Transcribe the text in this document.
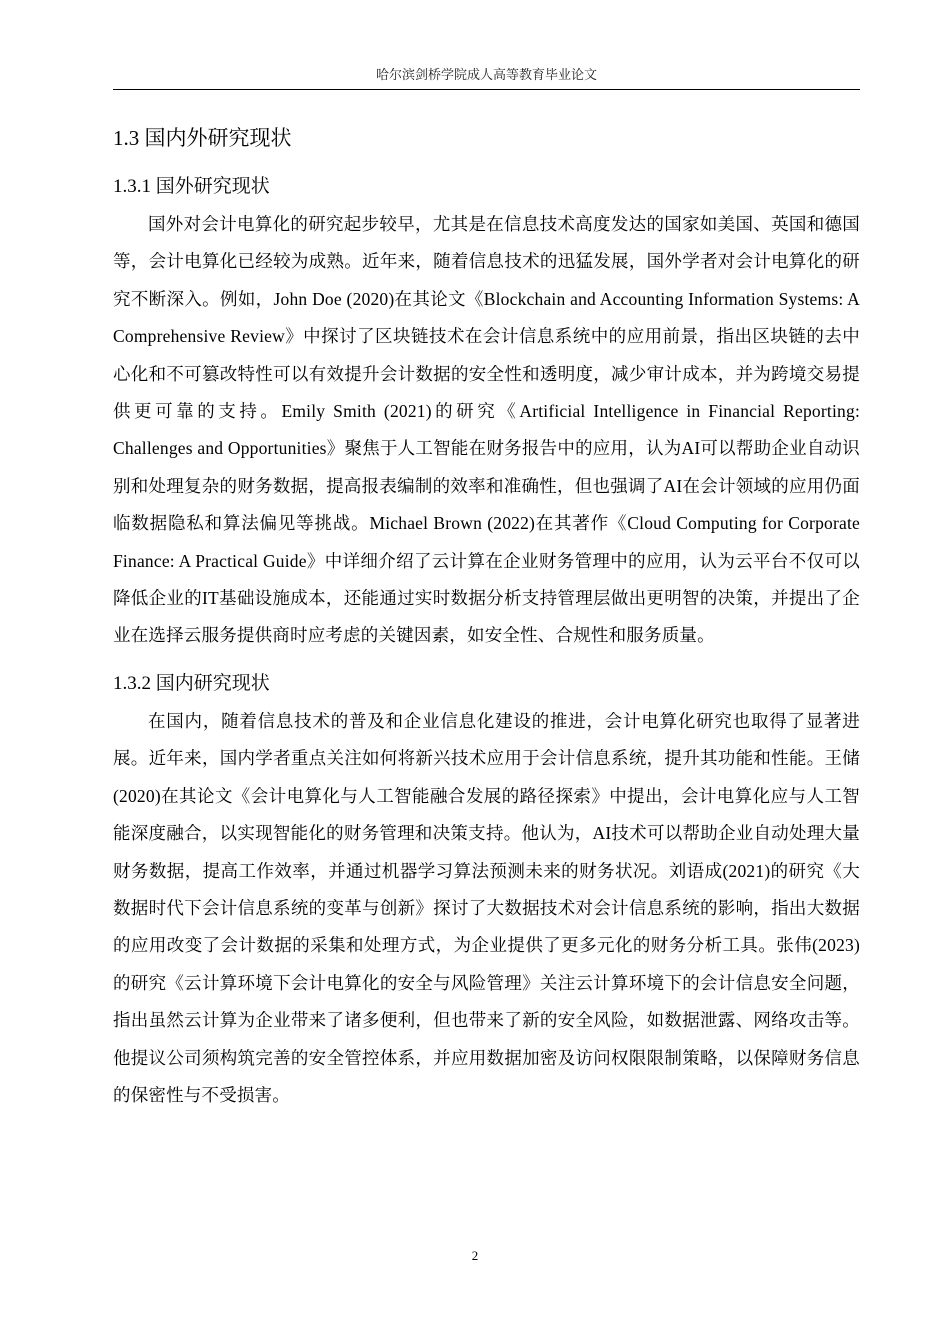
哈尔滨剑桥学院成人高等教育毕业论文
1.3 国内外研究现状
1.3.1 国外研究现状

国外对会计电算化的研究起步较早，尤其是在信息技术高度发达的国家如美国、英国和德国等，会计电算化已经较为成熟。近年来，随着信息技术的迅猛发展，国外学者对会计电算化的研究不断深入。例如，John Doe (2020)在其论文《Blockchain and Accounting Information Systems: A Comprehensive Review》中探讨了区块链技术在会计信息系统中的应用前景，指出区块链的去中心化和不可篡改特性可以有效提升会计数据的安全性和透明度，减少审计成本，并为跨境交易提供更可靠的支持。Emily Smith (2021)的研究《Artificial Intelligence in Financial Reporting: Challenges and Opportunities》聚焦于人工智能在财务报告中的应用，认为AI可以帮助企业自动识别和处理复杂的财务数据，提高报表编制的效率和准确性，但也强调了AI在会计领域的应用仍面临数据隐私和算法偏见等挑战。Michael Brown (2022)在其著作《Cloud Computing for Corporate Finance: A Practical Guide》中详细介绍了云计算在企业财务管理中的应用，认为云平台不仅可以降低企业的IT基础设施成本，还能通过实时数据分析支持管理层做出更明智的决策，并提出了企业在选择云服务提供商时应考虑的关键因素，如安全性、合规性和服务质量。

1.3.2 国内研究现状

在国内，随着信息技术的普及和企业信息化建设的推进，会计电算化研究也取得了显著进展。近年来，国内学者重点关注如何将新兴技术应用于会计信息系统，提升其功能和性能。王储(2020)在其论文《会计电算化与人工智能融合发展的路径探索》中提出，会计电算化应与人工智能深度融合，以实现智能化的财务管理和决策支持。他认为，AI技术可以帮助企业自动处理大量财务数据，提高工作效率，并通过机器学习算法预测未来的财务状况。刘语成(2021)的研究《大数据时代下会计信息系统的变革与创新》探讨了大数据技术对会计信息系统的影响，指出大数据的应用改变了会计数据的采集和处理方式，为企业提供了更多元化的财务分析工具。张伟(2023)的研究《云计算环境下会计电算化的安全与风险管理》关注云计算环境下的会计信息安全问题，指出虽然云计算为企业带来了诸多便利，但也带来了新的安全风险，如数据泄露、网络攻击等。他提议公司须构筑完善的安全管控体系，并应用数据加密及访问权限限制策略，以保障财务信息的保密性与不受损害。

2
